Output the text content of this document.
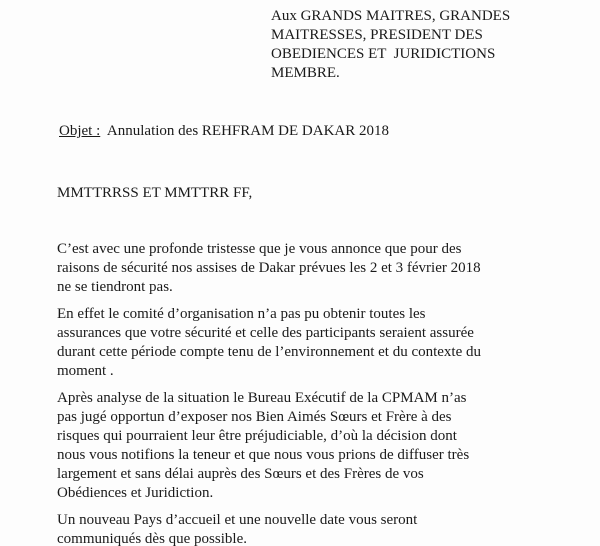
Aux GRANDS MAITRES, GRANDES
MAITRESSES, PRESIDENT DES
OBEDIENCES ET  JURIDICTIONS
MEMBRE.
Objet :  Annulation des REHFRAM DE DAKAR 2018
MMTTRRSS ET MMTTRR FF,
C’est avec une profonde tristesse que je vous annonce que pour des
raisons de sécurité nos assises de Dakar prévues les 2 et 3 février 2018
ne se tiendront pas.
En effet le comité d’organisation n’a pas pu obtenir toutes les
assurances que votre sécurité et celle des participants seraient assurée
durant cette période compte tenu de l’environnement et du contexte du
moment .
Après analyse de la situation le Bureau Exécutif de la CPMAM n’as
pas jugé opportun d’exposer nos Bien Aimés Sœurs et Frère à des
risques qui pourraient leur être préjudiciable, d’où la décision dont
nous vous notifions la teneur et que nous vous prions de diffuser très
largement et sans délai auprès des Sœurs et des Frères de vos
Obédiences et Juridiction.
Un nouveau Pays d’accueil et une nouvelle date vous seront
communiqués dès que possible.
